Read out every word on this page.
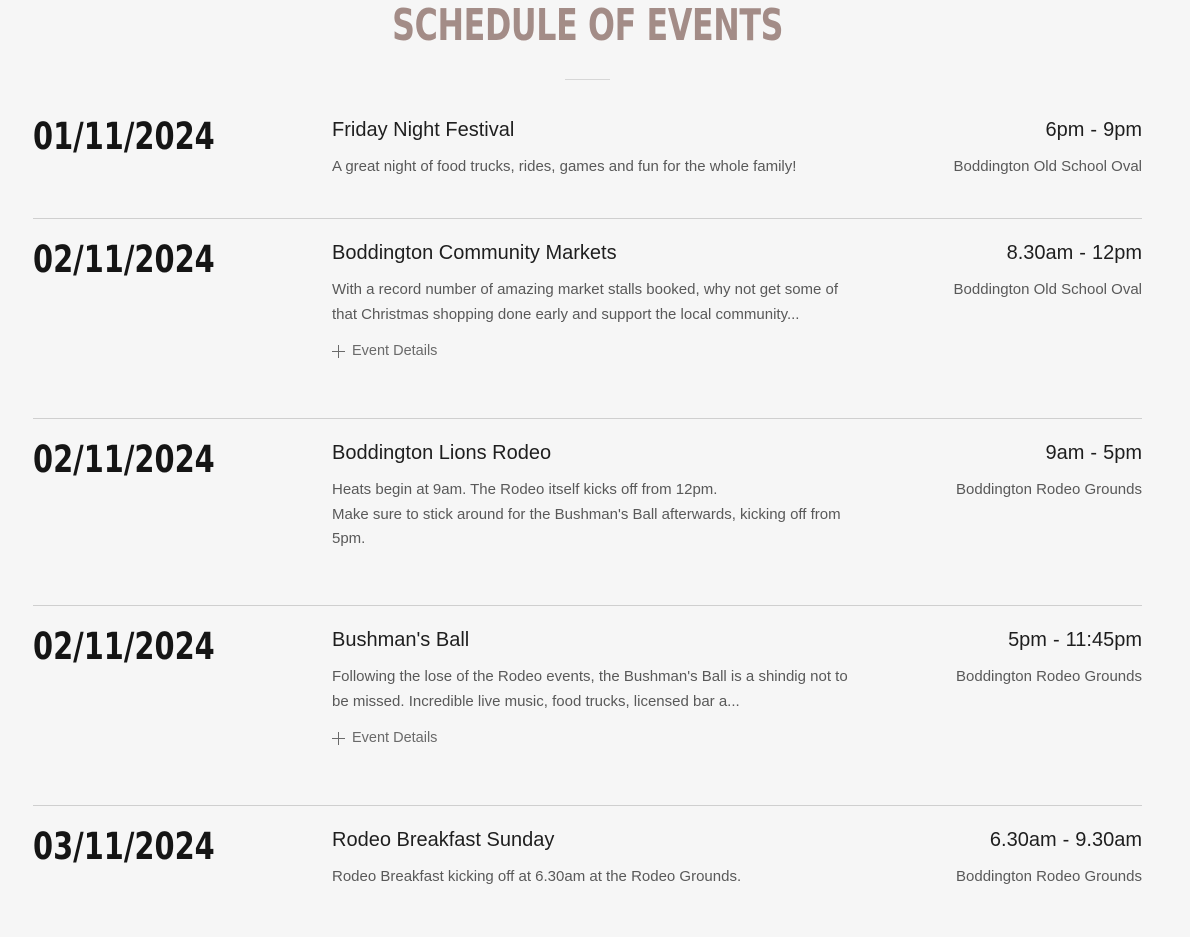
SCHEDULE OF EVENTS
01/11/2024	Friday Night Festival

A great night of food trucks, rides, games and fun for the whole family!

6pm - 9pm
Boddington Old School Oval
02/11/2024	Boddington Community Markets

With a record number of amazing market stalls booked, why not get some of that Christmas shopping done early and support the local community...

Event Details
8.30am - 12pm
Boddington Old School Oval
02/11/2024	Boddington Lions Rodeo

Heats begin at 9am. The Rodeo itself kicks off from 12pm.

Make sure to stick around for the Bushman's Ball afterwards, kicking off from 5pm.

9am - 5pm
Boddington Rodeo Grounds
02/11/2024	Bushman's Ball

Following the lose of the Rodeo events, the Bushman's Ball is a shindig not to be missed. Incredible live music, food trucks, licensed bar a...

Event Details
5pm - 11:45pm
Boddington Rodeo Grounds
03/11/2024	Rodeo Breakfast Sunday

Rodeo Breakfast kicking off at 6.30am at the Rodeo Grounds.

6.30am - 9.30am
Boddington Rodeo Grounds
